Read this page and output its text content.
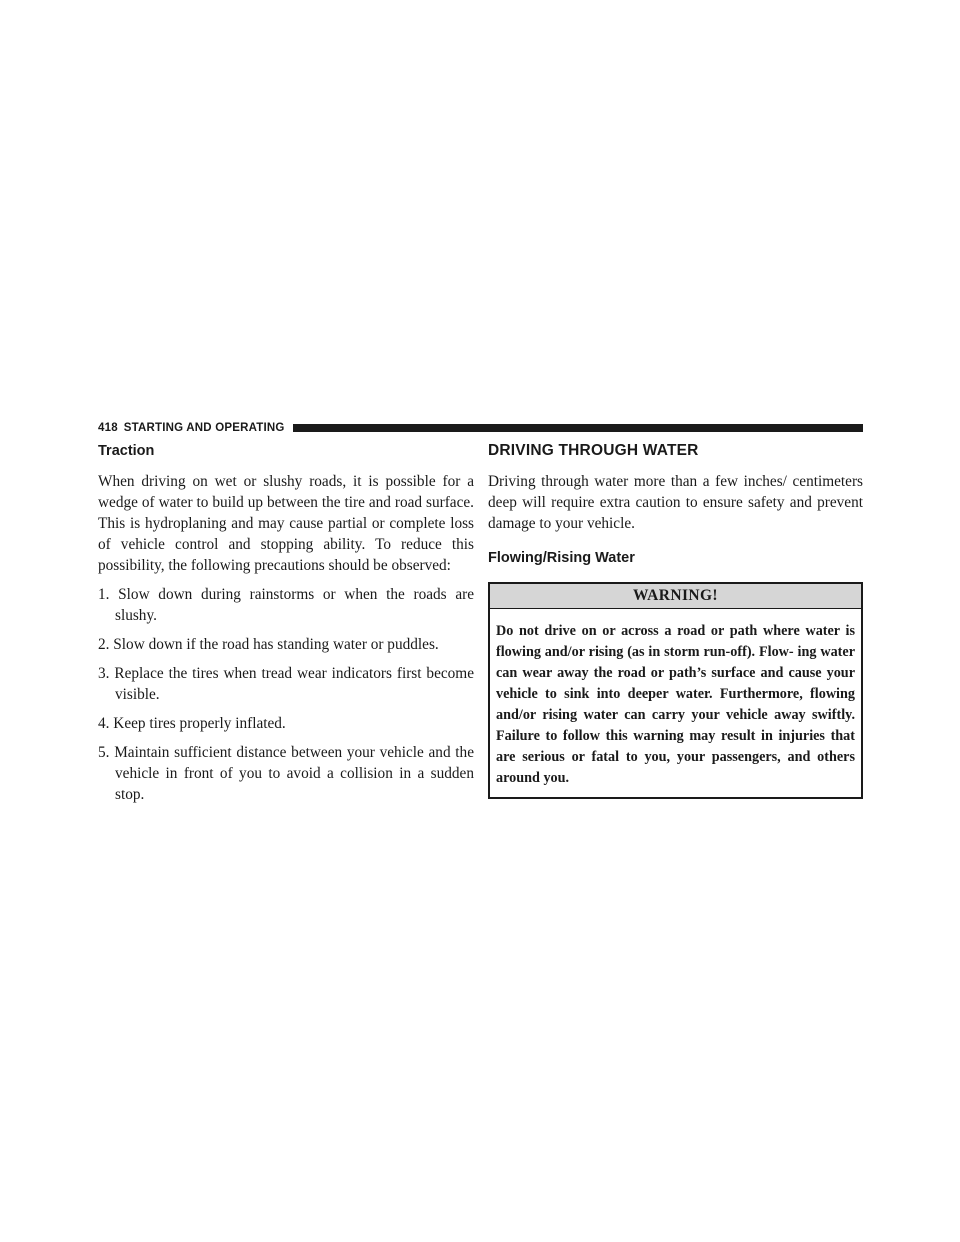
418 STARTING AND OPERATING
Traction

When driving on wet or slushy roads, it is possible for a wedge of water to build up between the tire and road surface. This is hydroplaning and may cause partial or complete loss of vehicle control and stopping ability. To reduce this possibility, the following precautions should be observed:

1. Slow down during rainstorms or when the roads are slushy.
2. Slow down if the road has standing water or puddles.
3. Replace the tires when tread wear indicators first become visible.
4. Keep tires properly inflated.
5. Maintain sufficient distance between your vehicle and the vehicle in front of you to avoid a collision in a sudden stop.
DRIVING THROUGH WATER

Driving through water more than a few inches/ centimeters deep will require extra caution to ensure safety and prevent damage to your vehicle.

Flowing/Rising Water
WARNING!
Do not drive on or across a road or path where water is flowing and/or rising (as in storm run-off). Flow- ing water can wear away the road or path’s surface and cause your vehicle to sink into deeper water. Furthermore, flowing and/or rising water can carry your vehicle away swiftly. Failure to follow this warning may result in injuries that are serious or fatal to you, your passengers, and others around you.
